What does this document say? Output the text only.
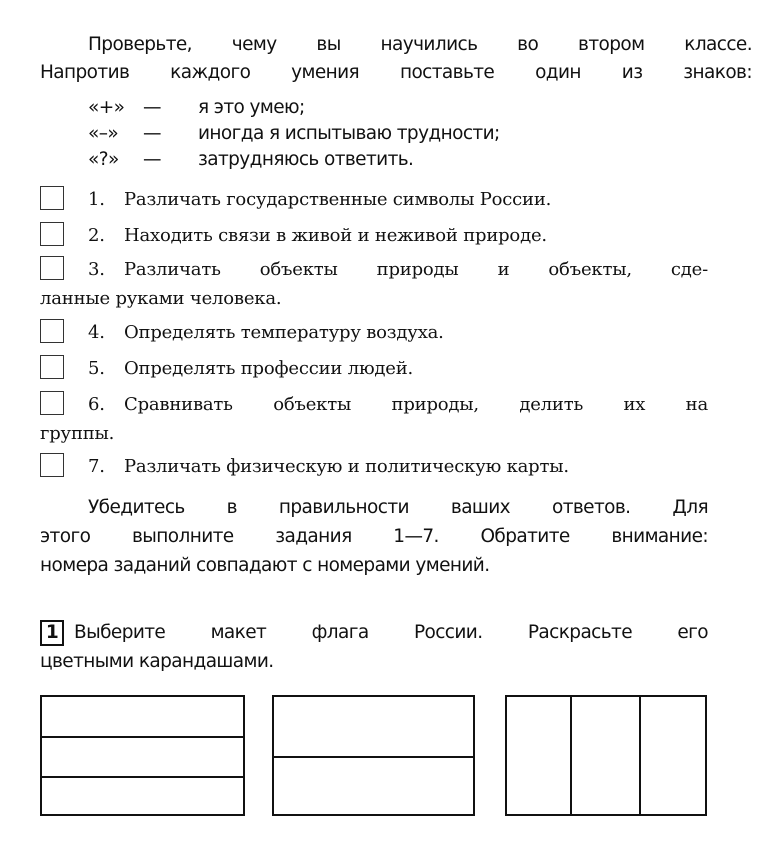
Проверьте, чему вы научились во втором классе.
Напротив каждого умения поставьте один из знаков:
«+» — я это умею;
«–» — иногда я испытываю трудности;
«?» — затрудняюсь ответить.
1. Различать государственные символы России.
2. Находить связи в живой и неживой природе.
3.	Различать объекты природы и объекты, сде-
ланные руками человека.
4. Определять температуру воздуха.
5. Определять профессии людей.
6.	Сравнивать объекты природы, делить их на
группы.
7. Различать физическую и политическую карты.
Убедитесь в правильности ваших ответов. Для
этого выполните задания 1—7. Обратите внимание:
номера заданий совпадают с номерами умений.
1 Выберите макет флага России. Раскрасьте его
цветными карандашами.
